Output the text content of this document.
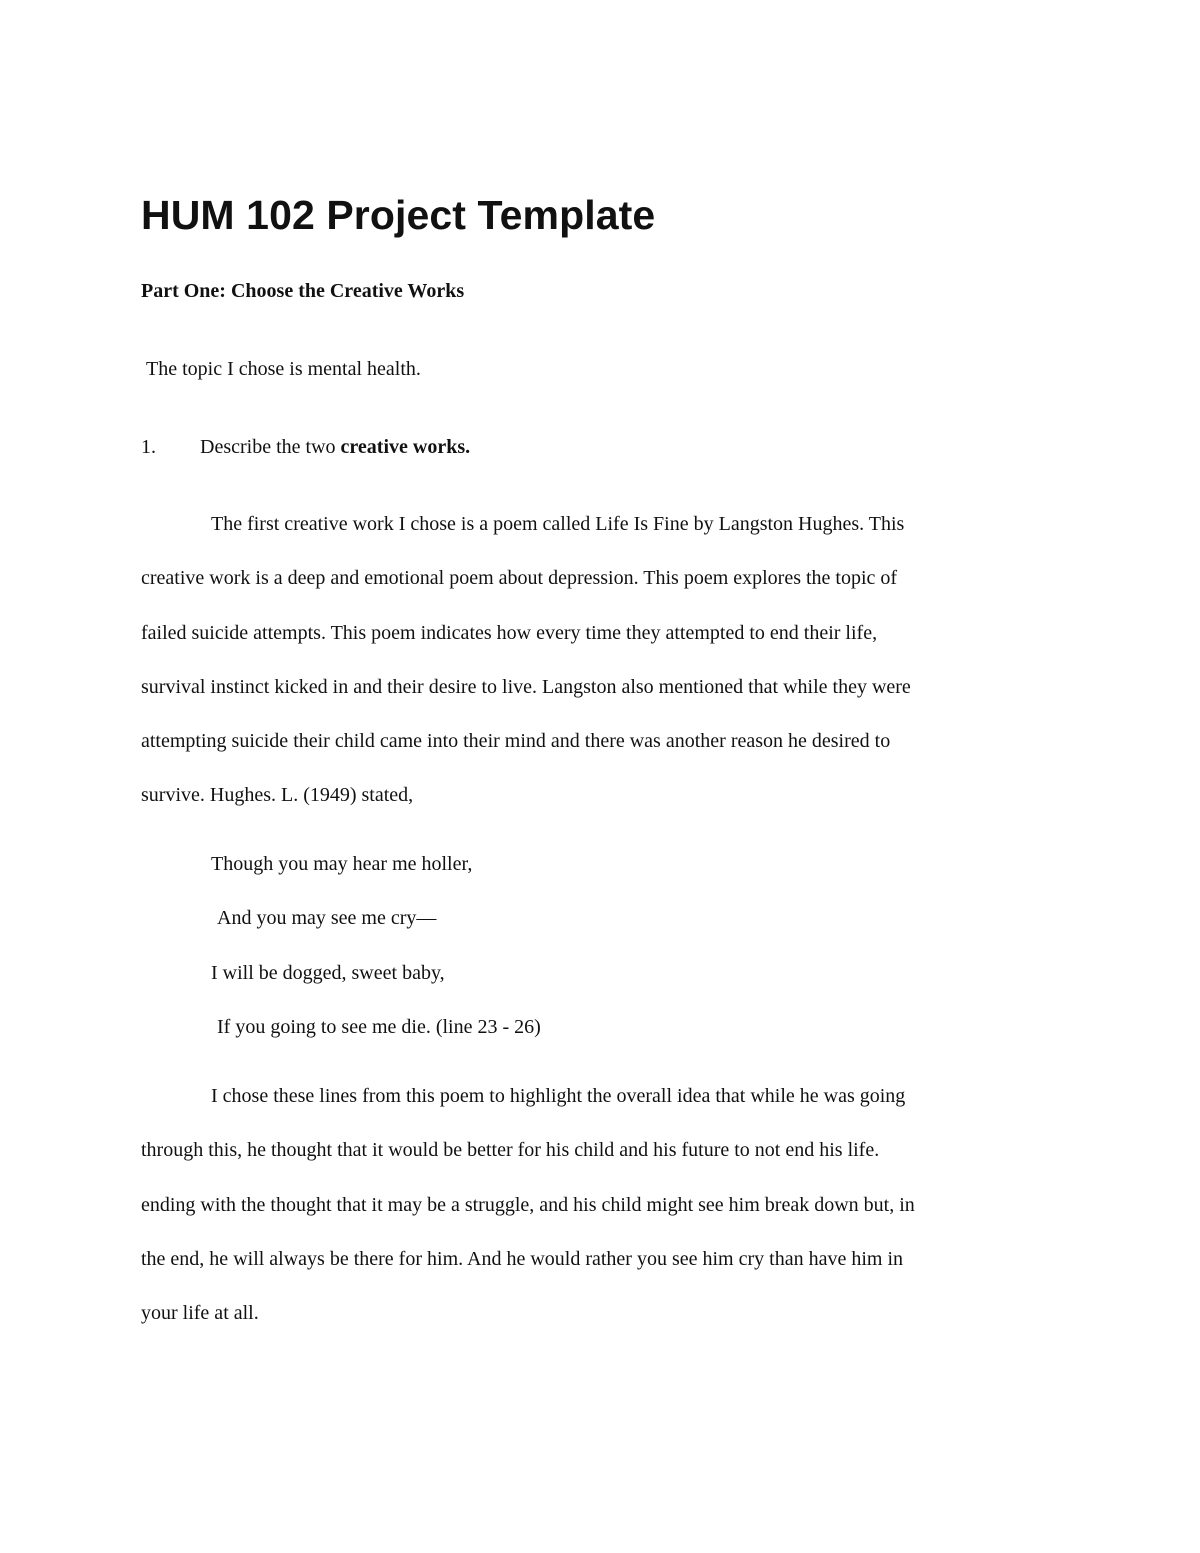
HUM 102 Project Template
Part One: Choose the Creative Works

The topic I chose is mental health.

1. Describe the two creative works.

The first creative work I chose is a poem called Life Is Fine by Langston Hughes. This
creative work is a deep and emotional poem about depression. This poem explores the topic of
failed suicide attempts. This poem indicates how every time they attempted to end their life,
survival instinct kicked in and their desire to live. Langston also mentioned that while they were
attempting suicide their child came into their mind and there was another reason he desired to
survive. Hughes. L. (1949) stated,
Though you may hear me holler,
And you may see me cry—
I will be dogged, sweet baby,
If you going to see me die. (line 23 - 26)
I chose these lines from this poem to highlight the overall idea that while he was going
through this, he thought that it would be better for his child and his future to not end his life.
ending with the thought that it may be a struggle, and his child might see him break down but, in
the end, he will always be there for him. And he would rather you see him cry than have him in
your life at all.
